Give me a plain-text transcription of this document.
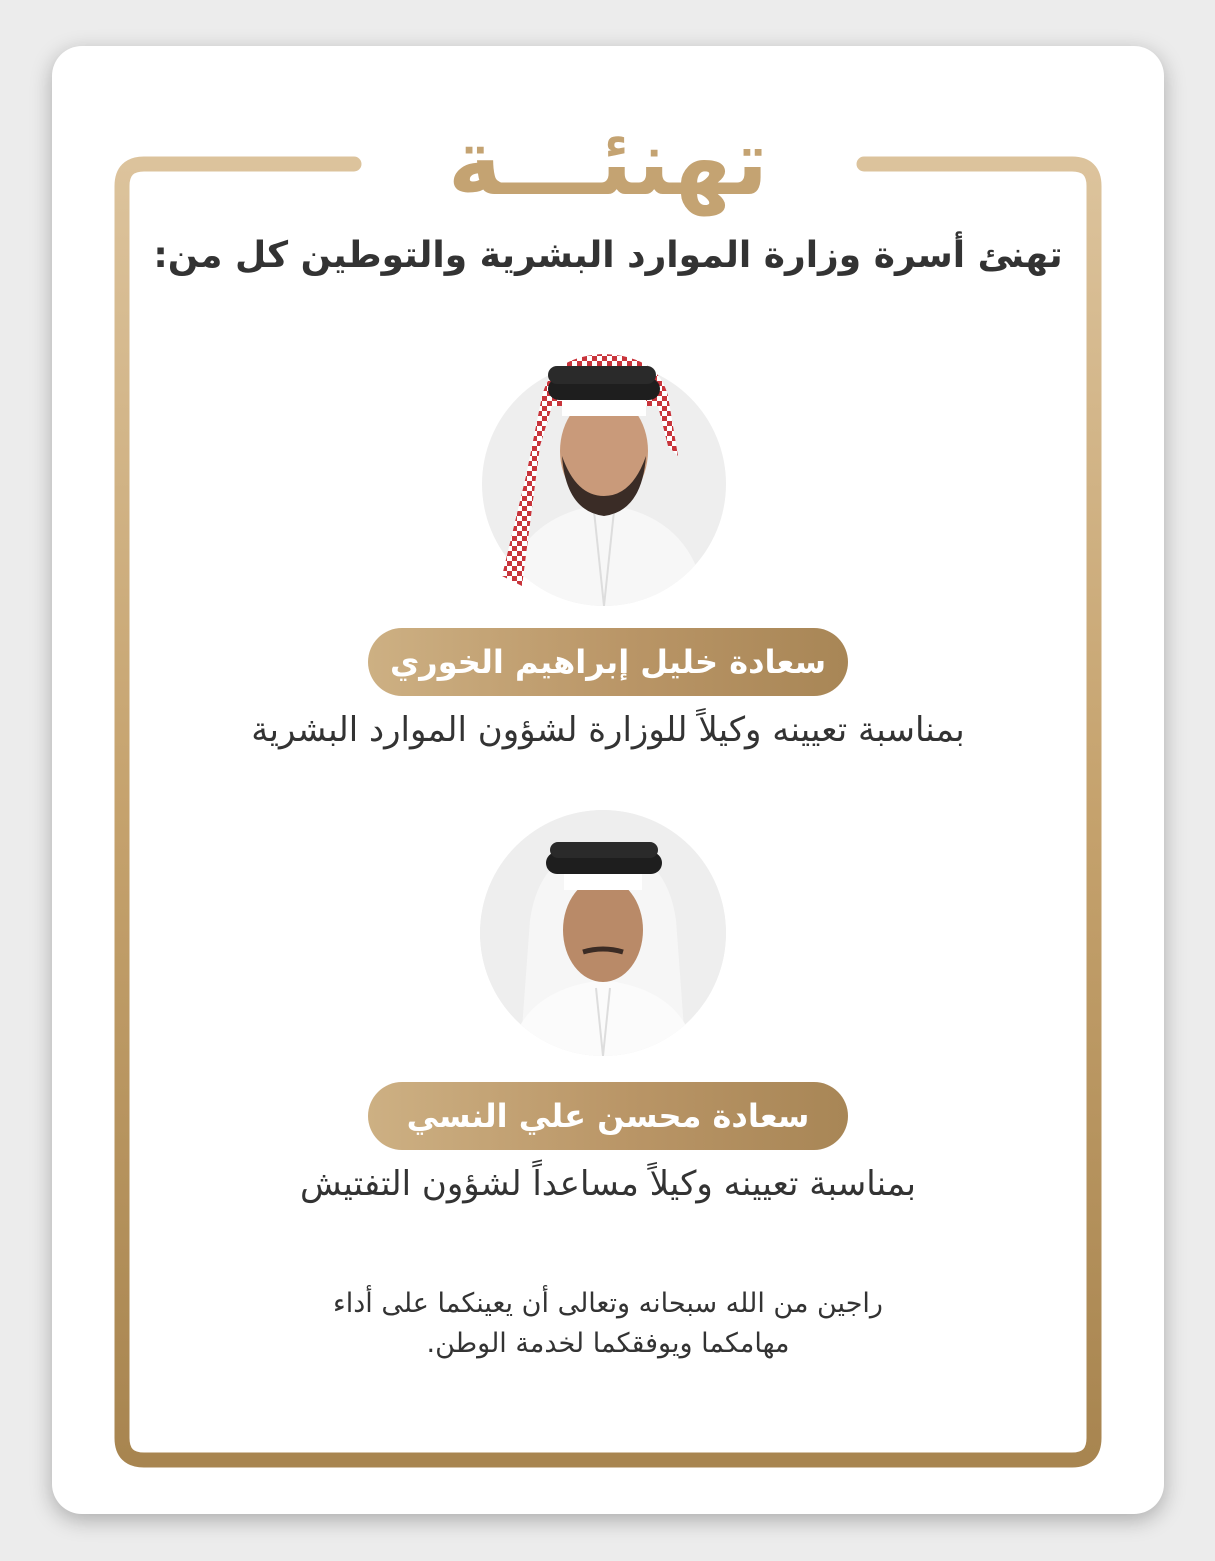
تهنئـــة
تهنئ أسرة وزارة الموارد البشرية والتوطين كل من:
سعادة خليل إبراهيم الخوري
بمناسبة تعيينه وكيلاً للوزارة لشؤون الموارد البشرية
سعادة محسن علي النسي
بمناسبة تعيينه وكيلاً مساعداً لشؤون التفتيش
راجين من الله سبحانه وتعالى أن يعينكما على أداء
مهامكما ويوفقكما لخدمة الوطن.
